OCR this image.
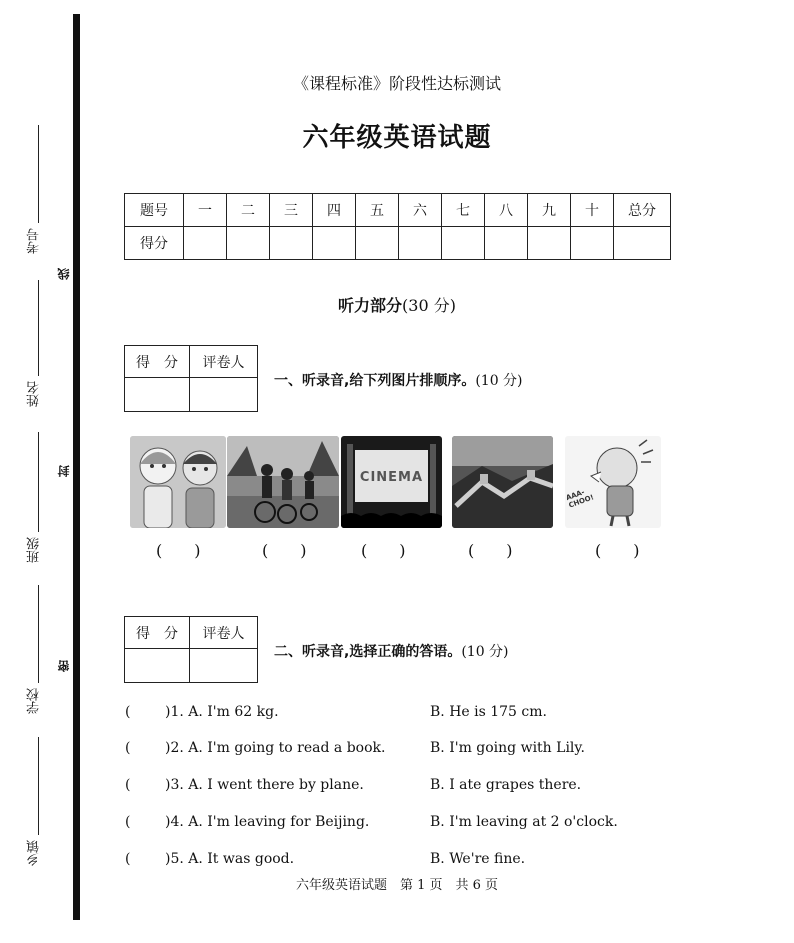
考号
姓名
班级
学校
乡镇
线
封
密
《课程标准》阶段性达标测试
六年级英语试题
题号	一	二	三	四	五	六	七	八	九	十	总分
得分											
听力部分(30 分)
得　分	评卷人

一、听录音,给下列图片排顺序。(10 分)
CINEMA
AAA-CHOO!
(　　)	(　　)	(　　)	(　　)	(　　)
得　分	评卷人

二、听录音,选择正确的答语。(10 分)
( )1. A. I'm 62 kg.	B. He is 175 cm.
( )2. A. I'm going to read a book.	B. I'm going with Lily.
( )3. A. I went there by plane.	B. I ate grapes there.
( )4. A. I'm leaving for Beijing.	B. I'm leaving at 2 o'clock.
( )5. A. It was good.	B. We're fine.
六年级英语试题　第 1 页　共 6 页
